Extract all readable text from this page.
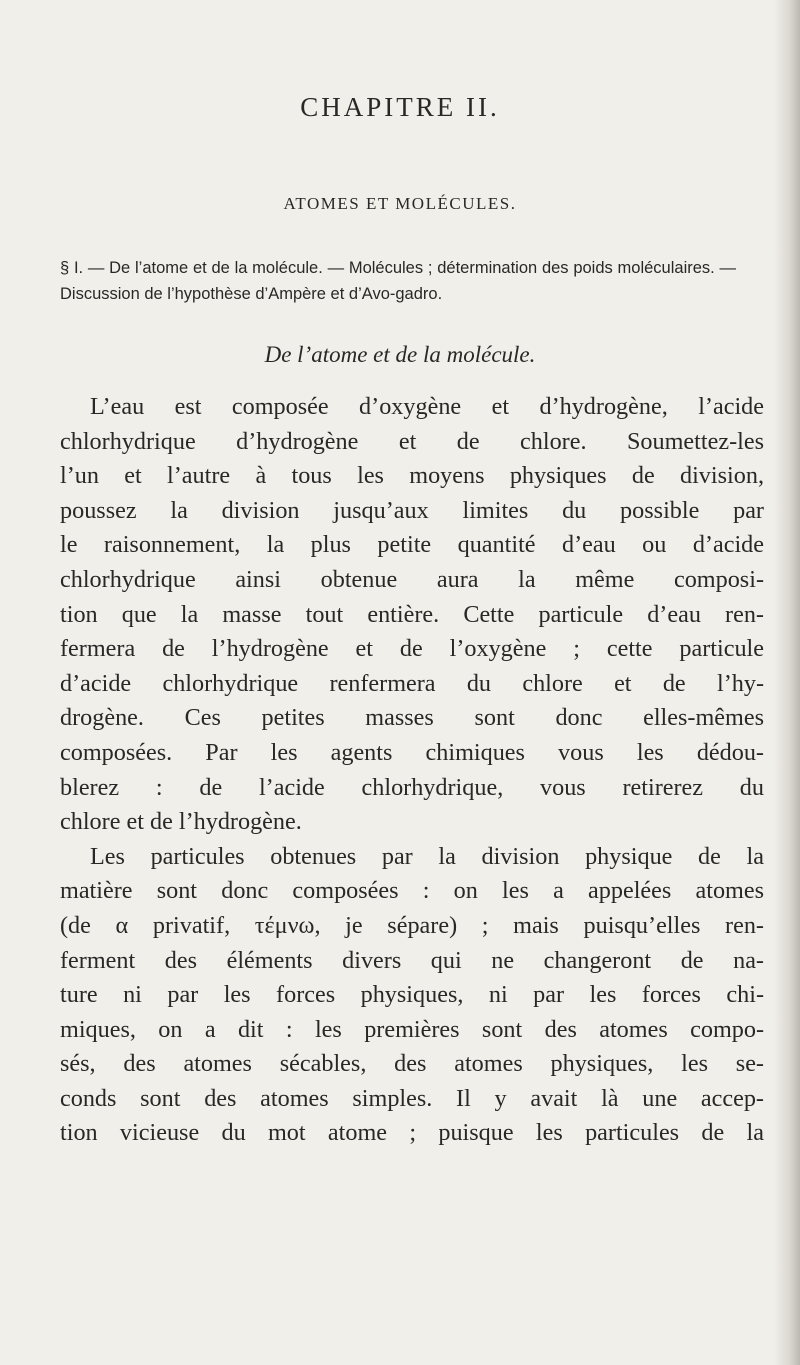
CHAPITRE II.
ATOMES ET MOLÉCULES.

§ I. — De l’atome et de la molécule. — Molécules ; détermination des poids moléculaires. — Discussion de l’hypothèse d’Ampère et d’Avo-gadro.

De l’atome et de la molécule.
L’eau est composée d’oxygène et d’hydrogène, l’acide
chlorhydrique d’hydrogène et de chlore. Soumettez-les
l’un et l’autre à tous les moyens physiques de division,
poussez la division jusqu’aux limites du possible par
le raisonnement, la plus petite quantité d’eau ou d’acide
chlorhydrique ainsi obtenue aura la même composi-
tion que la masse tout entière. Cette particule d’eau ren-
fermera de l’hydrogène et de l’oxygène ; cette particule
d’acide chlorhydrique renfermera du chlore et de l’hy-
drogène. Ces petites masses sont donc elles-mêmes
composées. Par les agents chimiques vous les dédou-
blerez : de l’acide chlorhydrique, vous retirerez du
chlore et de l’hydrogène.
Les particules obtenues par la division physique de la
matière sont donc composées : on les a appelées atomes
(de α privatif, τέμνω, je sépare) ; mais puisqu’elles ren-
ferment des éléments divers qui ne changeront de na-
ture ni par les forces physiques, ni par les forces chi-
miques, on a dit : les premières sont des atomes compo-
sés, des atomes sécables, des atomes physiques, les se-
conds sont des atomes simples. Il y avait là une accep-
tion vicieuse du mot atome ; puisque les particules de la
